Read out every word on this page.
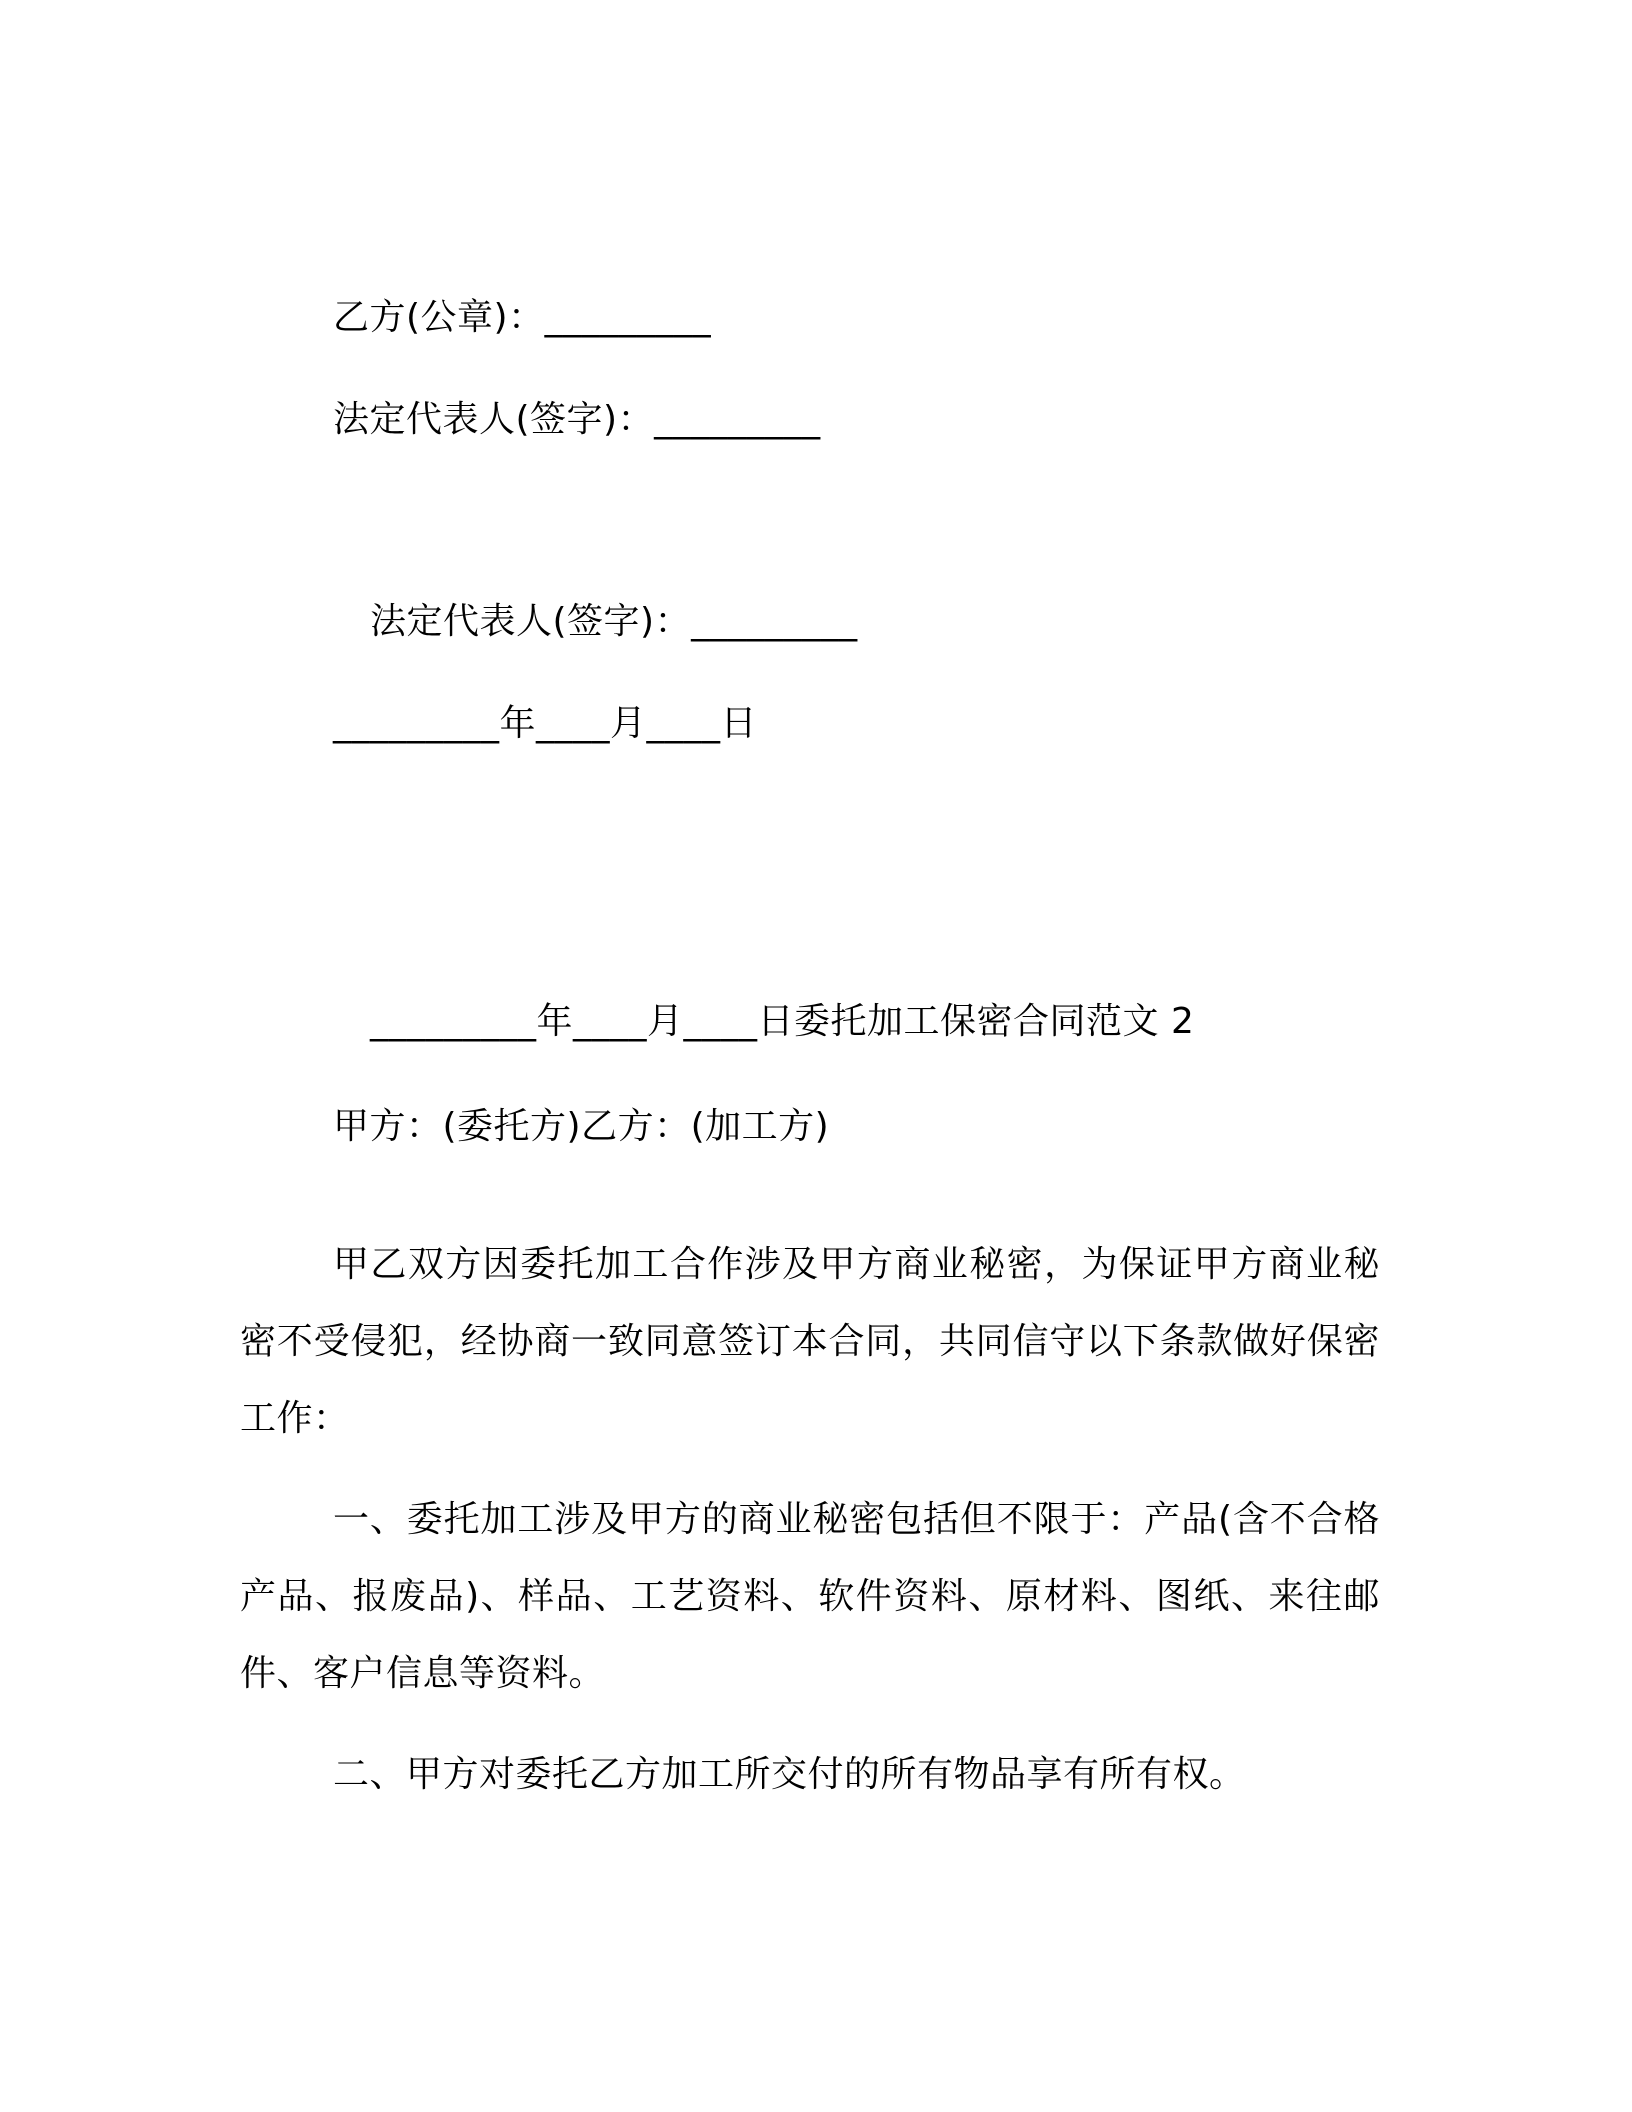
乙方(公章)：_________
法定代表人(签字)：_________
法定代表人(签字)：_________
_________年____月____日
_________年____月____日委托加工保密合同范文 2
甲方：(委托方)乙方：(加工方)

甲乙双方因委托加工合作涉及甲方商业秘密，为保证甲方商业秘密不受侵犯，经协商一致同意签订本合同，共同信守以下条款做好保密工作：

一、委托加工涉及甲方的商业秘密包括但不限于：产品(含不合格产品、报废品)、样品、工艺资料、软件资料、原材料、图纸、来往邮件、客户信息等资料。

二、甲方对委托乙方加工所交付的所有物品享有所有权。
